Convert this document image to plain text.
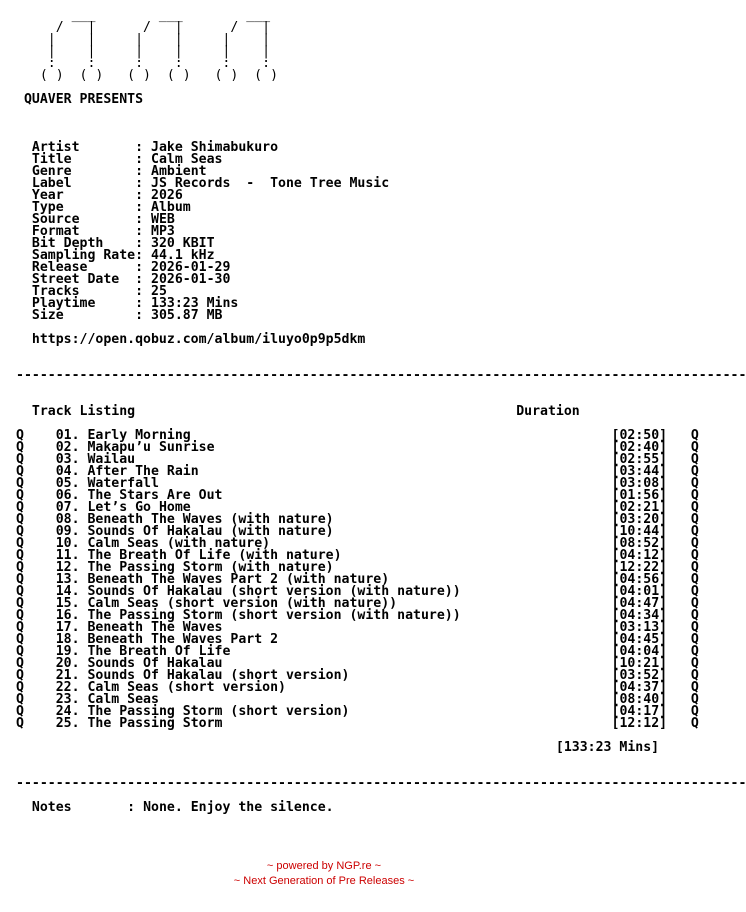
___        ___        ___
/   |      /   |      /   |
|    |     |    |     |    |
|    |     |    |     |    |
:    :     :    :     :    :
( )  ( )   ( )  ( )   ( )  ( )

QUAVER PRESENTS

Artist       : Jake Shimabukuro
Title        : Calm Seas
Genre        : Ambient
Label        : JS Records  -  Tone Tree Music
Year         : 2026
Type         : Album
Source       : WEB
Format       : MP3
Bit Depth    : 320 KBIT
Sampling Rate: 44.1 kHz
Release      : 2026-01-29
Street Date  : 2026-01-30
Tracks       : 25
Playtime     : 133:23 Mins
Size         : 305.87 MB

https://open.qobuz.com/album/iluyo0p9p5dkm

--------------------------------------------------------------------------------------------

Track Listing                                                Duration

Q    01. Early Morning                                                     [02:50]   Q
Q    02. Makapu’u Sunrise                                                  [02:40]   Q
Q    03. Wailau                                                            [02:55]   Q
Q    04. After The Rain                                                    [03:44]   Q
Q    05. Waterfall                                                         [03:08]   Q
Q    06. The Stars Are Out                                                 [01:56]   Q
Q    07. Let’s Go Home                                                     [02:21]   Q
Q    08. Beneath The Waves (with nature)                                   [03:20]   Q
Q    09. Sounds Of Hakalau (with nature)                                   [10:44]   Q
Q    10. Calm Seas (with nature)                                           [08:52]   Q
Q    11. The Breath Of Life (with nature)                                  [04:12]   Q
Q    12. The Passing Storm (with nature)                                   [12:22]   Q
Q    13. Beneath The Waves Part 2 (with nature)                            [04:56]   Q
Q    14. Sounds Of Hakalau (short version (with nature))                   [04:01]   Q
Q    15. Calm Seas (short version (with nature))                           [04:47]   Q
Q    16. The Passing Storm (short version (with nature))                   [04:34]   Q
Q    17. Beneath The Waves                                                 [03:13]   Q
Q    18. Beneath The Waves Part 2                                          [04:45]   Q
Q    19. The Breath Of Life                                                [04:04]   Q
Q    20. Sounds Of Hakalau                                                 [10:21]   Q
Q    21. Sounds Of Hakalau (short version)                                 [03:52]   Q
Q    22. Calm Seas (short version)                                         [04:37]   Q
Q    23. Calm Seas                                                         [08:40]   Q
Q    24. The Passing Storm (short version)                                 [04:17]   Q
Q    25. The Passing Storm                                                 [12:12]   Q

[133:23 Mins]

--------------------------------------------------------------------------------------------

Notes       : None. Enjoy the silence.
~ powered by NGP.re ~
~ Next Generation of Pre Releases ~
